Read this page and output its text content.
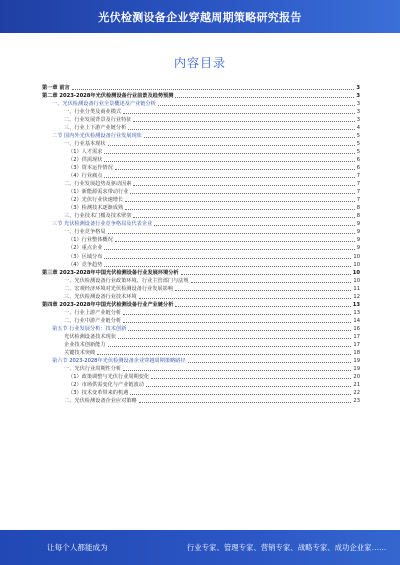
光伏检测设备企业穿越周期策略研究报告
内容目录
第一章 前言	3
第二章 2023-2028年光伏检测设备行业前景及趋势预测	3
一、光伏检测设备行业全景概述及产业链分析	3
一、行业分类及商业模式	3
二、行业发展背景及行业特征	3
三、行业上下游产业链分析	4
二节 国内外光伏检测设备行业发展现状	5
一、行业基本现状	5
（1）人才需求	5
（2）供需现状	6
（3）资本运作情况	6
（4）行业痛点	7
二、行业发展趋势及驱动因素	7
（1）新能源需求带动行业	7
（2）光伏行业快速增长	7
（3）检测技术逐渐成熟	8
三、行业技术门槛及技术壁垒	8
三节 光伏检测设备行业竞争格局及代表企业	9
一、行业竞争格局	9
（1）行业整体概况	9
（2）重点企业	9
（3）区域分布	10
（4）竞争趋势	10
第三章 2023-2028年中国光伏检测设备行业发展环境分析	10
一、光伏检测设备行业政策环境、行业主管部门与法规	10
二、宏观经济环境对光伏检测设备行业发展影响	11
三、光伏检测设备行业技术环境	12
第四章 2023-2028年中国光伏检测设备行业产业链分析	13
一、行业上游产业链分析	13
二、行业中游产业链分析	14
第五节 行业发展分析：技术创新	16
光伏检测设备技术现状	17
企业技术创新能力	17
关键技术突破	18
第六节 2023-2028年光伏检测设备企业穿越周期策略路径	19
一、光伏行业周期性分析	19
（1）政策调整与光伏行业周期变化	20
（2）市场供需变化与产业链波动	21
（3）技术变革带来的机遇	22
二、光伏检测设备企业应对策略	23
让每个人都能成为	行业专家、管理专家、营销专家、战略专家、成功企业家……
